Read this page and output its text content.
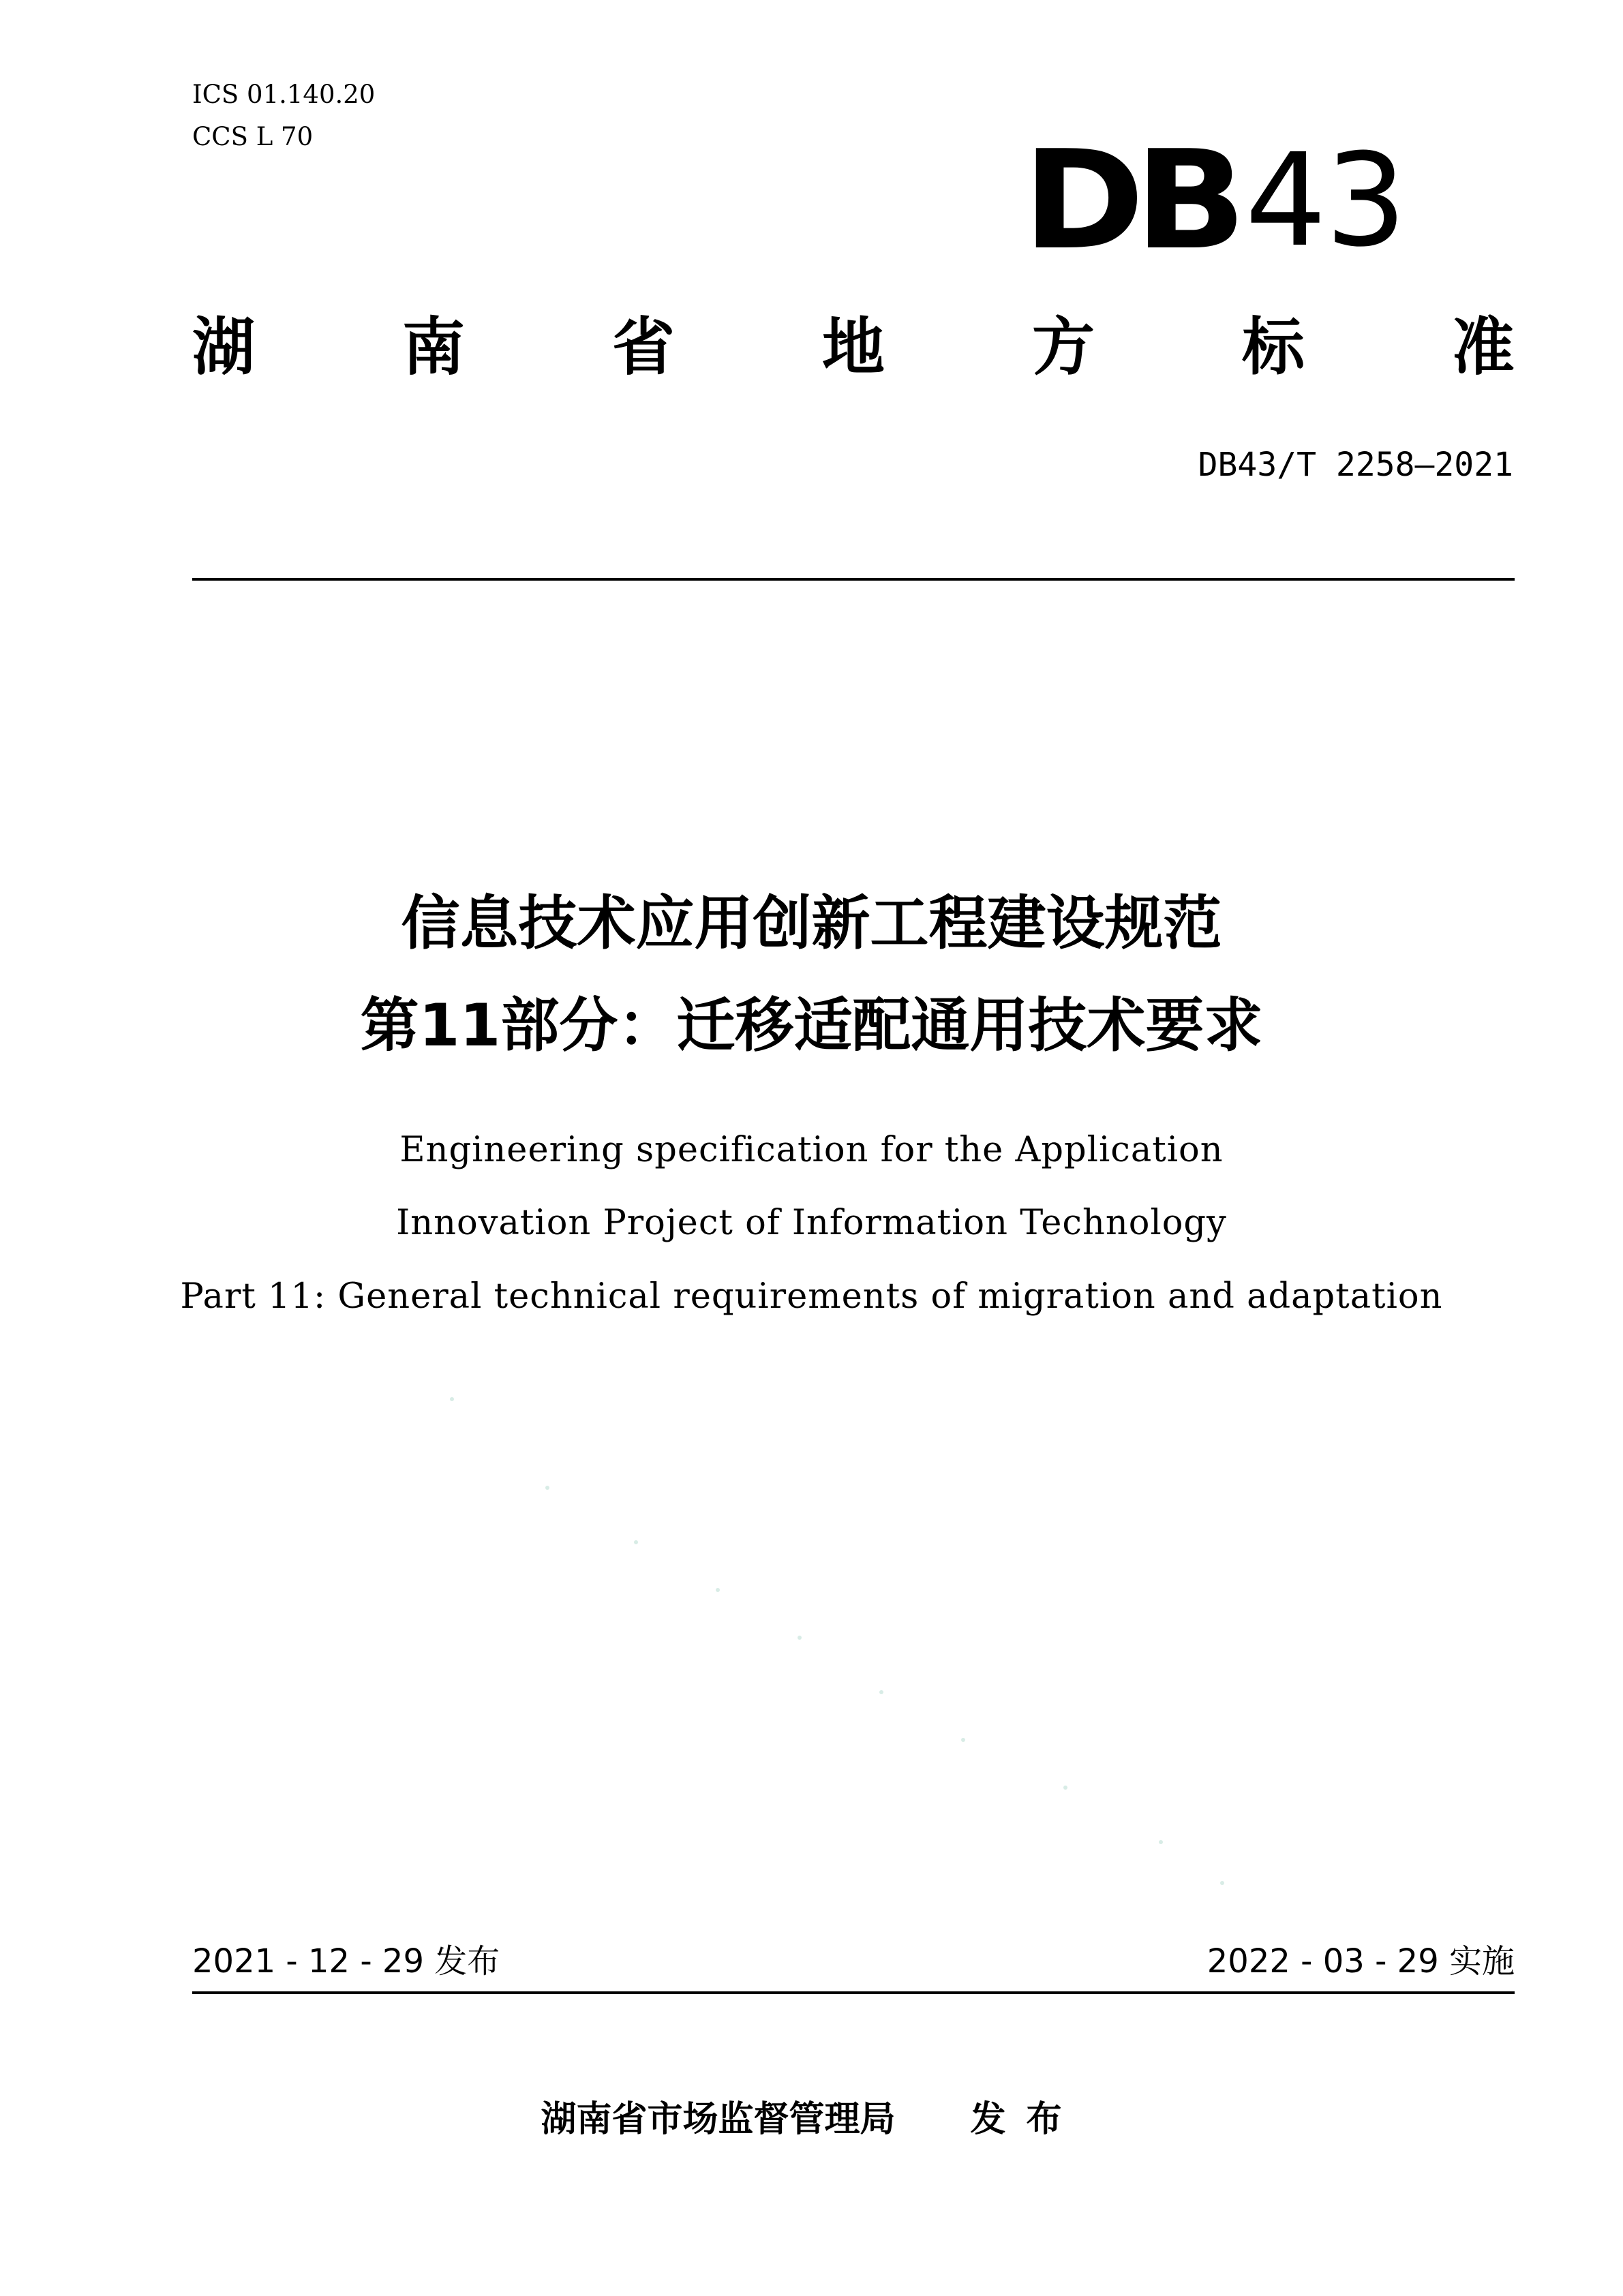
ICS 01.140.20
CCS L 70	DB 43
湖 南 省 地 方 标 准
DB43/T 2258—2021
信息技术应用创新工程建设规范
第11部分：迁移适配通用技术要求
Engineering specification for the Application
Innovation Project of Information Technology
Part 11: General technical requirements of migration and adaptation
2021 - 12 - 29 发布	2022 - 03 - 29 实施
湖南省市场监督管理局 发布
